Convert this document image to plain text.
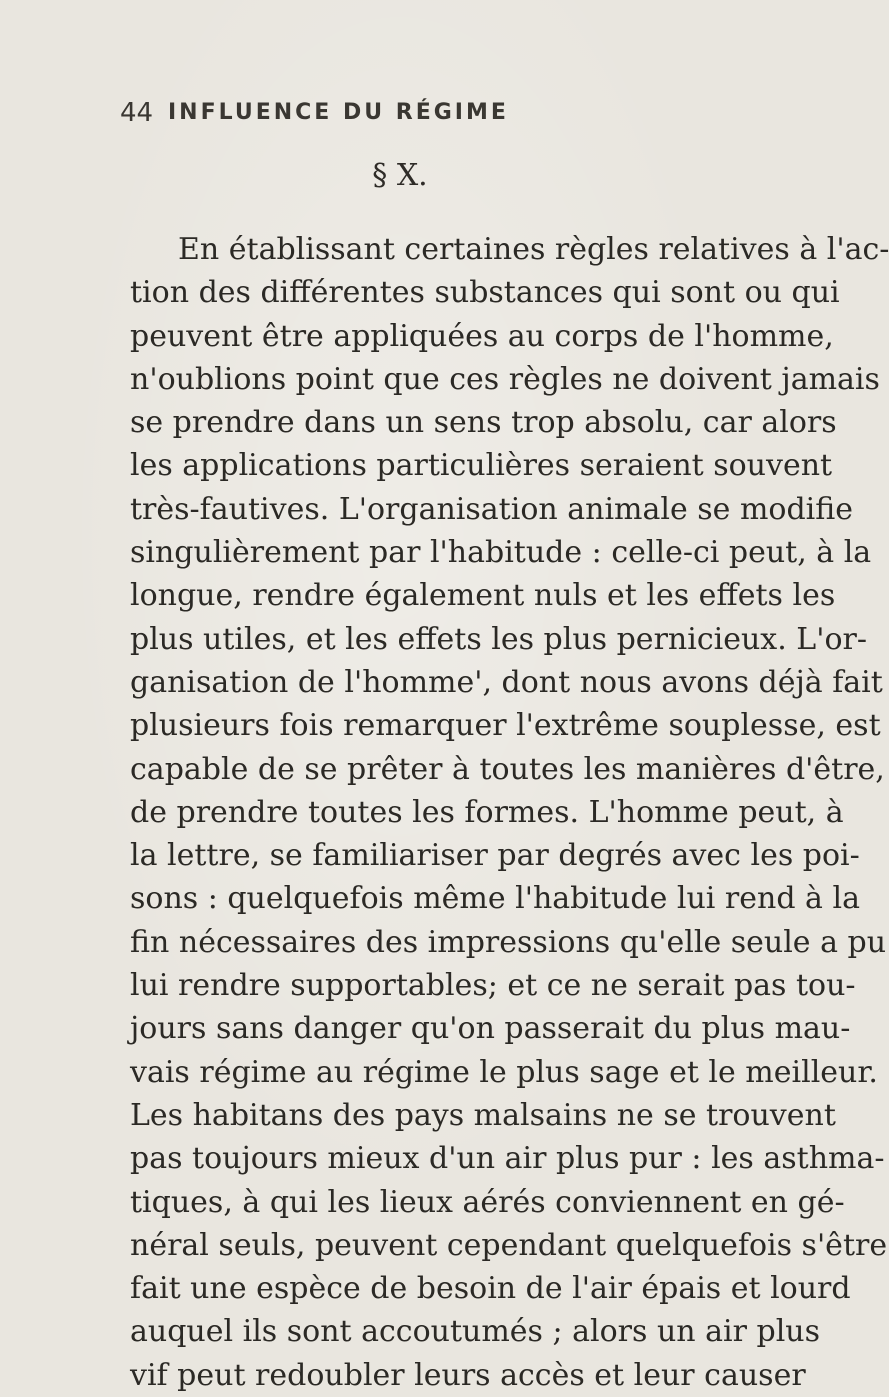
44 INFLUENCE DU RÉGIME
§ X.
En établissant certaines règles relatives à l'ac-
tion des différentes substances qui sont ou qui
peuvent être appliquées au corps de l'homme,
n'oublions point que ces règles ne doivent jamais
se prendre dans un sens trop absolu, car alors
les applications particulières seraient souvent
très-fautives. L'organisation animale se modifie
singulièrement par l'habitude : celle-ci peut, à la
longue, rendre également nuls et les effets les
plus utiles, et les effets les plus pernicieux. L'or-
ganisation de l'homme', dont nous avons déjà fait
plusieurs fois remarquer l'extrême souplesse, est
capable de se prêter à toutes les manières d'être,
de prendre toutes les formes. L'homme peut, à
la lettre, se familiariser par degrés avec les poi-
sons : quelquefois même l'habitude lui rend à la
fin nécessaires des impressions qu'elle seule a pu
lui rendre supportables; et ce ne serait pas tou-
jours sans danger qu'on passerait du plus mau-
vais régime au régime le plus sage et le meilleur.
Les habitans des pays malsains ne se trouvent
pas toujours mieux d'un air plus pur : les asthma-
tiques, à qui les lieux aérés conviennent en gé-
néral seuls, peuvent cependant quelquefois s'être
fait une espèce de besoin de l'air épais et lourd
auquel ils sont accoutumés ; alors un air plus
vif peut redoubler leurs accès et leur causer
